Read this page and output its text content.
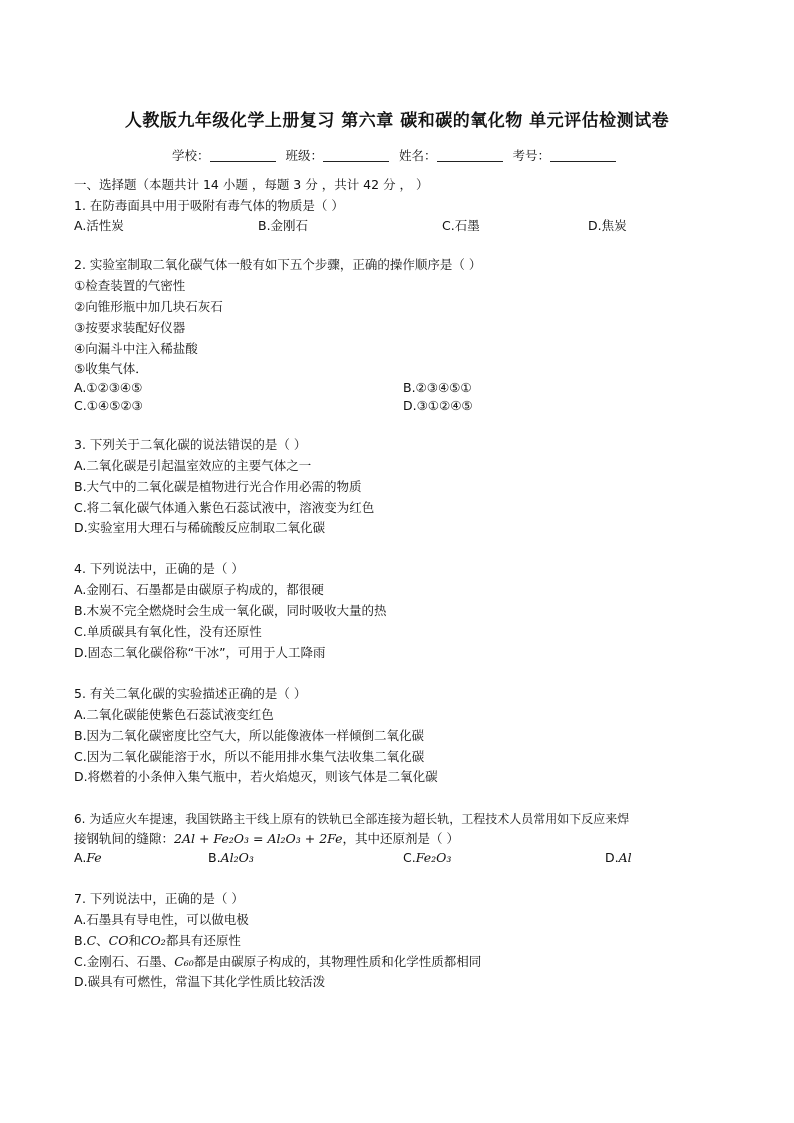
人教版九年级化学上册复习 第六章 碳和碳的氧化物 单元评估检测试卷
学校：	班级：	姓名：	考号：
一、选择题（本题共计 14 小题 ，每题 3 分 ，共计 42 分 ， ）
1. 在防毒面具中用于吸附有毒气体的物质是（ ）
A.活性炭	B.金刚石	C.石墨	D.焦炭
2. 实验室制取二氧化碳气体一般有如下五个步骤，正确的操作顺序是（ ）
①检查装置的气密性
②向锥形瓶中加几块石灰石
③按要求装配好仪器
④向漏斗中注入稀盐酸
⑤收集气体．
A.①②③④⑤	B.②③④⑤①
C.①④⑤②③	D.③①②④⑤
3. 下列关于二氧化碳的说法错误的是（ ）
A.二氧化碳是引起温室效应的主要气体之一
B.大气中的二氧化碳是植物进行光合作用必需的物质
C.将二氧化碳气体通入紫色石蕊试液中，溶液变为红色
D.实验室用大理石与稀硫酸反应制取二氧化碳
4. 下列说法中，正确的是（ ）
A.金刚石、石墨都是由碳原子构成的，都很硬
B.木炭不完全燃烧时会生成一氧化碳，同时吸收大量的热
C.单质碳具有氧化性，没有还原性
D.固态二氧化碳俗称“干冰”，可用于人工降雨
5. 有关二氧化碳的实验描述正确的是（ ）
A.二氧化碳能使紫色石蕊试液变红色
B.因为二氧化碳密度比空气大，所以能像液体一样倾倒二氧化碳
C.因为二氧化碳能溶于水，所以不能用排水集气法收集二氧化碳
D.将燃着的小条伸入集气瓶中，若火焰熄灭，则该气体是二氧化碳
6. 为适应火车提速，我国铁路主干线上原有的铁轨已全部连接为超长轨，工程技术人员常用如下反应来焊
接钢轨间的缝隙：2Al + Fe₂O₃ = Al₂O₃ + 2Fe，其中还原剂是（ ）
A.Fe	B.Al₂O₃	C.Fe₂O₃	D.Al
7. 下列说法中，正确的是（ ）
A.石墨具有导电性，可以做电极
B.C、CO和CO₂都具有还原性
C.金刚石、石墨、C₆₀都是由碳原子构成的，其物理性质和化学性质都相同
D.碳具有可燃性，常温下其化学性质比较活泼
